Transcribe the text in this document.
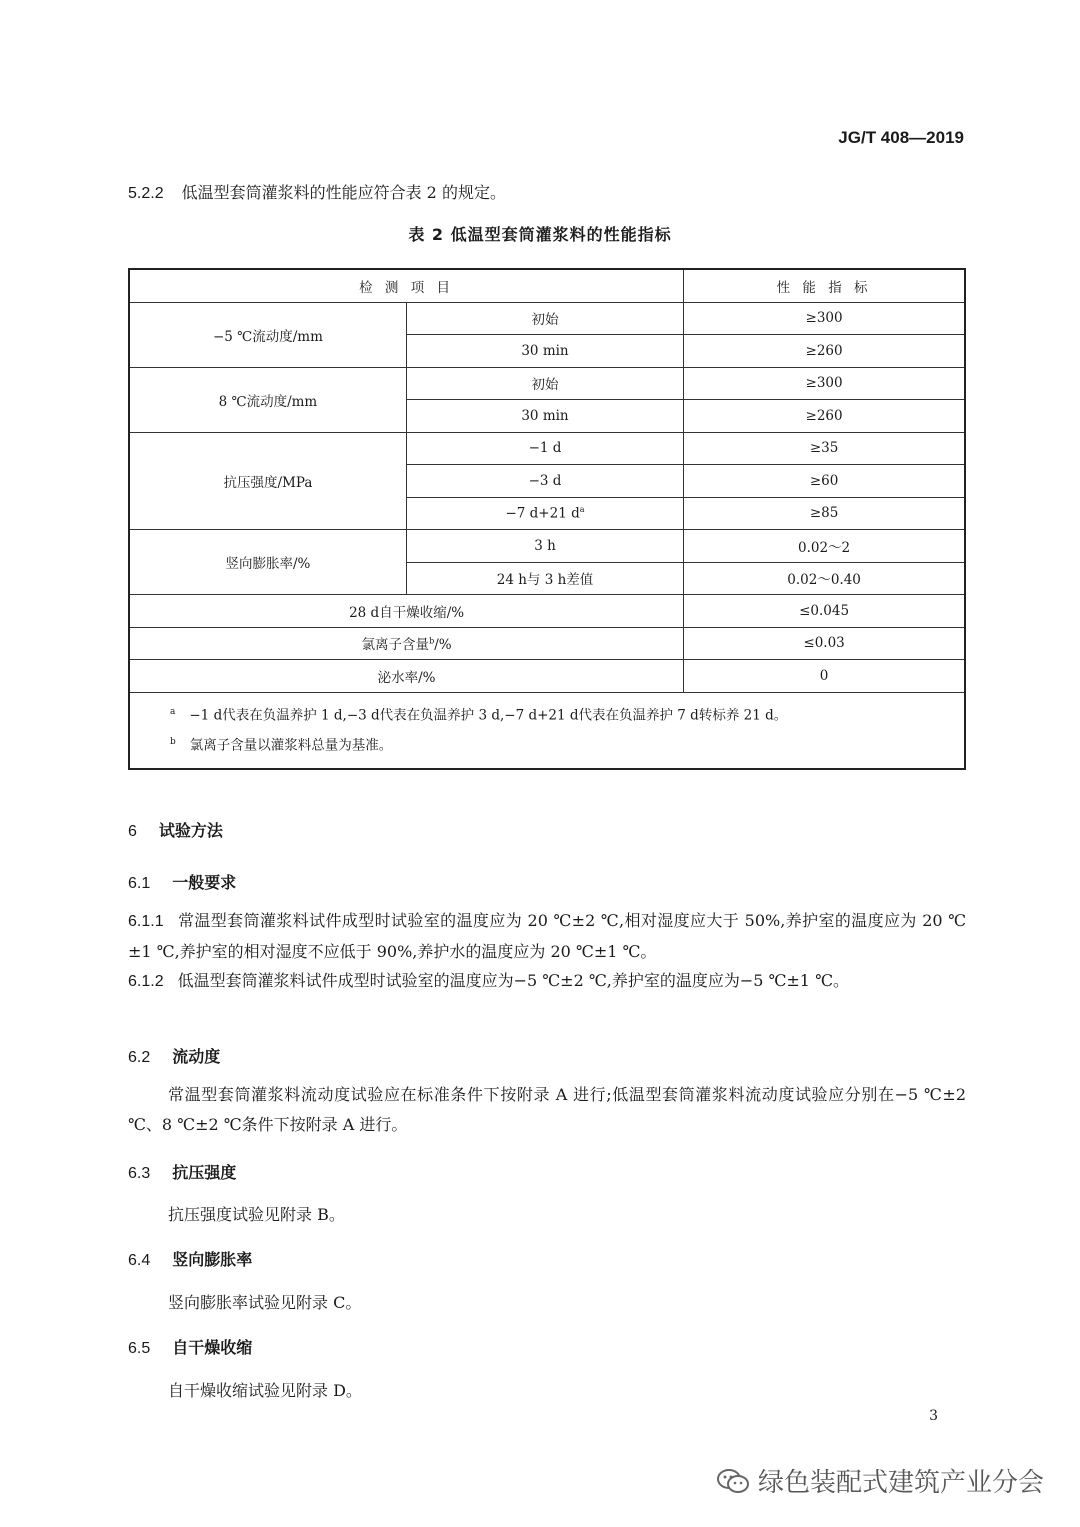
JG/T 408—2019
5.2.2 低温型套筒灌浆料的性能应符合表 2 的规定。
表 2 低温型套筒灌浆料的性能指标
检 测 项 目		性 能 指 标
−5 ℃流动度/mm	初始	≥300
	30 min	≥260
8 ℃流动度/mm	初始	≥300
	30 min	≥260
抗压强度/MPa	−1 d	≥35
	−3 d	≥60
	−7 d+21 $d^a$	≥85
竖向膨胀率/%	3 h	0.02～2
	24 h与 3 h差值	0.02～0.40
28 d自干燥收缩/%		≤0.045
氯离子含量$^b$/%		≤0.03
泌水率/%		0

$^a$ −1 d代表在负温养护 1 d,−3 d代表在负温养护 3 d,−7 d+21 d代表在负温养护 7 d转标养 21 d。
$^b$ 氯离子含量以灌浆料总量为基准。		
6 试验方法
6.1 一般要求
6.1.1 常温型套筒灌浆料试件成型时试验室的温度应为 20 ℃±2 ℃,相对湿度应大于 50%,养护室的温度应为 20 ℃±1 ℃,养护室的相对湿度不应低于 90%,养护水的温度应为 20 ℃±1 ℃。
6.1.2 低温型套筒灌浆料试件成型时试验室的温度应为−5 ℃±2 ℃,养护室的温度应为−5 ℃±1 ℃。
6.2 流动度
常温型套筒灌浆料流动度试验应在标准条件下按附录 A 进行;低温型套筒灌浆料流动度试验应分别在−5 ℃±2 ℃、8 ℃±2 ℃条件下按附录 A 进行。
6.3 抗压强度
抗压强度试验见附录 B。
6.4 竖向膨胀率
竖向膨胀率试验见附录 C。
6.5 自干燥收缩
自干燥收缩试验见附录 D。
3
绿色装配式建筑产业分会
